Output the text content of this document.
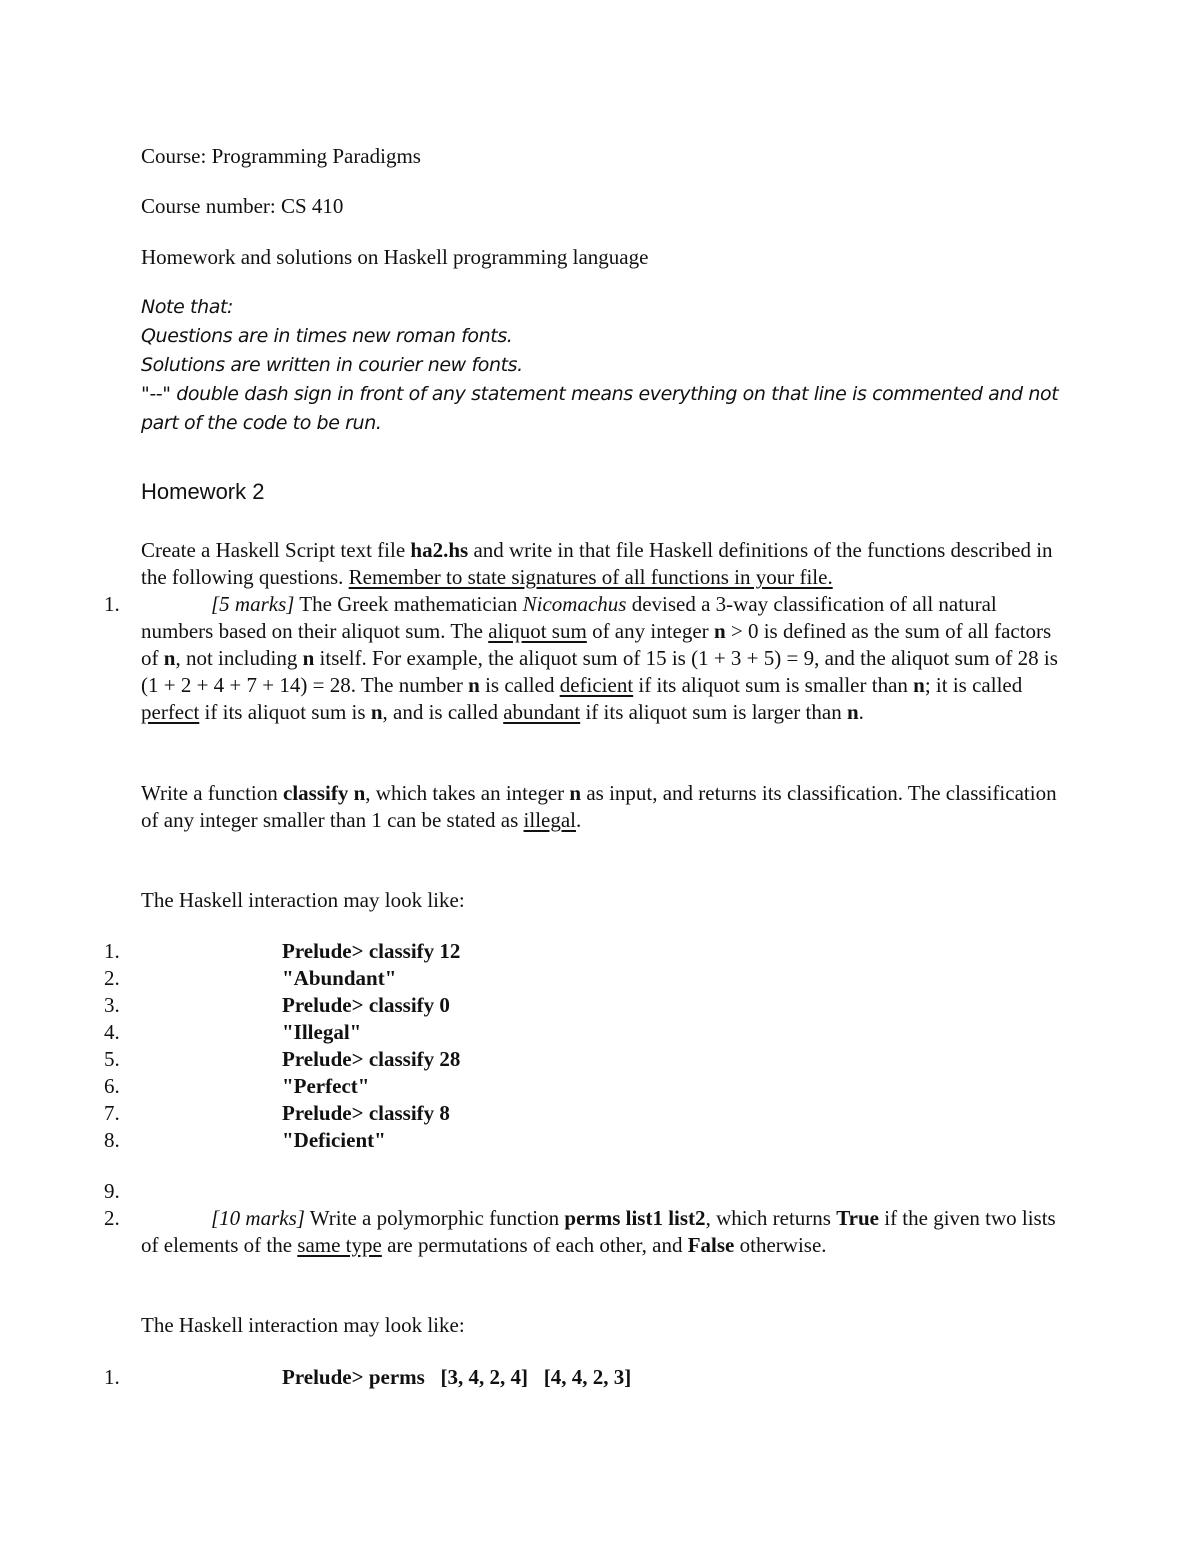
Course: Programming Paradigms
Course number: CS 410
Homework and solutions on Haskell programming language

Note that:

Questions are in times new roman fonts.

Solutions are written in courier new fonts.

"--" double dash sign in front of any statement means everything on that line is commented and not part of the code to be run.

Homework 2
Create a Haskell Script text file ha2.hs and write in that file Haskell definitions of the functions described in the following questions. Remember to state signatures of all functions in your file.
1.	[5 marks] The Greek mathematician Nicomachus devised a 3-way classification of all natural numbers based on their aliquot sum. The aliquot sum of any integer n > 0 is defined as the sum of all factors of n, not including n itself. For example, the aliquot sum of 15 is (1 + 3 + 5) = 9, and the aliquot sum of 28 is (1 + 2 + 4 + 7 + 14) = 28. The number n is called deficient if its aliquot sum is smaller than n; it is called perfect if its aliquot sum is n, and is called abundant if its aliquot sum is larger than n.
Write a function classify n, which takes an integer n as input, and returns its classification. The classification of any integer smaller than 1 can be stated as illegal.
The Haskell interaction may look like:
1.	Prelude> classify 12
2.	"Abundant"
3.	Prelude> classify 0
4.	"Illegal"
5.	Prelude> classify 28
6.	"Perfect"
7.	Prelude> classify 8
8.	"Deficient"
9.
2.	[10 marks] Write a polymorphic function perms list1 list2, which returns True if the given two lists of elements of the same type are permutations of each other, and False otherwise.
The Haskell interaction may look like:
1.	Prelude> perms   [3, 4, 2, 4]   [4, 4, 2, 3]
